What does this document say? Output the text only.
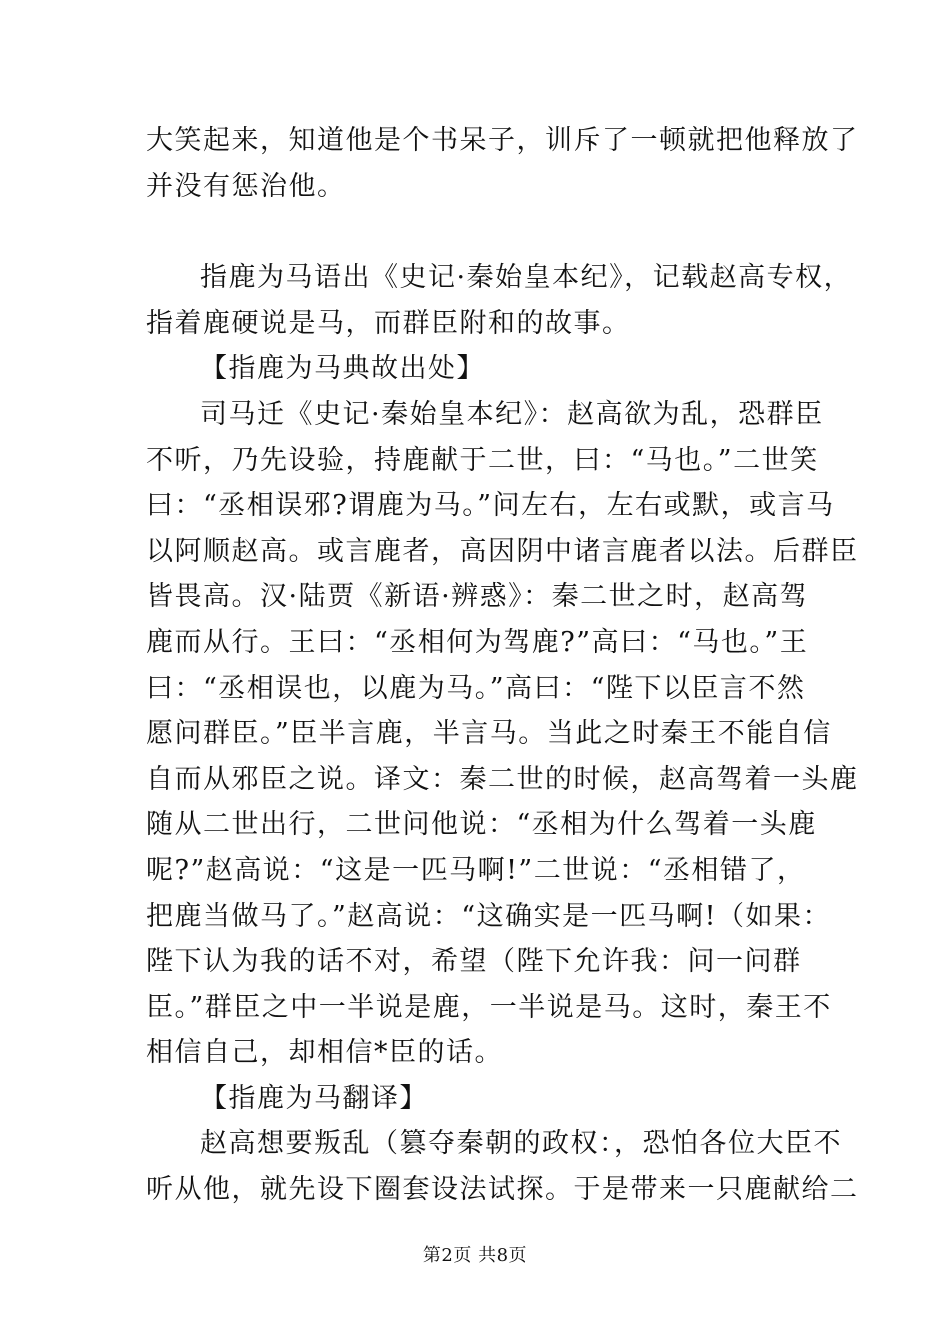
大笑起来，知道他是个书呆子，训斥了一顿就把他释放了
并没有惩治他。
指鹿为马语出《史记·秦始皇本纪》，记载赵高专权，
指着鹿硬说是马，而群臣附和的故事。
【指鹿为马典故出处】
司马迁《史记·秦始皇本纪》：赵高欲为乱，恐群臣
不听，乃先设验，持鹿献于二世，曰：“马也。”二世笑
曰：“丞相误邪?谓鹿为马。”问左右，左右或默，或言马
以阿顺赵高。或言鹿者，高因阴中诸言鹿者以法。后群臣
皆畏高。汉·陆贾《新语·辨惑》：秦二世之时，赵高驾
鹿而从行。王曰：“丞相何为驾鹿?”高曰：“马也。”王
曰：“丞相误也，以鹿为马。”高曰：“陛下以臣言不然
愿问群臣。”臣半言鹿，半言马。当此之时秦王不能自信
自而从邪臣之说。译文：秦二世的时候，赵高驾着一头鹿
随从二世出行，二世问他说：“丞相为什么驾着一头鹿
呢?”赵高说：“这是一匹马啊!”二世说：“丞相错了，
把鹿当做马了。”赵高说：“这确实是一匹马啊!（如果：
陛下认为我的话不对，希望（陛下允许我：问一问群
臣。”群臣之中一半说是鹿，一半说是马。这时，秦王不
相信自己，却相信*臣的话。
【指鹿为马翻译】
赵高想要叛乱（篡夺秦朝的政权：，恐怕各位大臣不
听从他，就先设下圈套设法试探。于是带来一只鹿献给二
第2页 共8页
